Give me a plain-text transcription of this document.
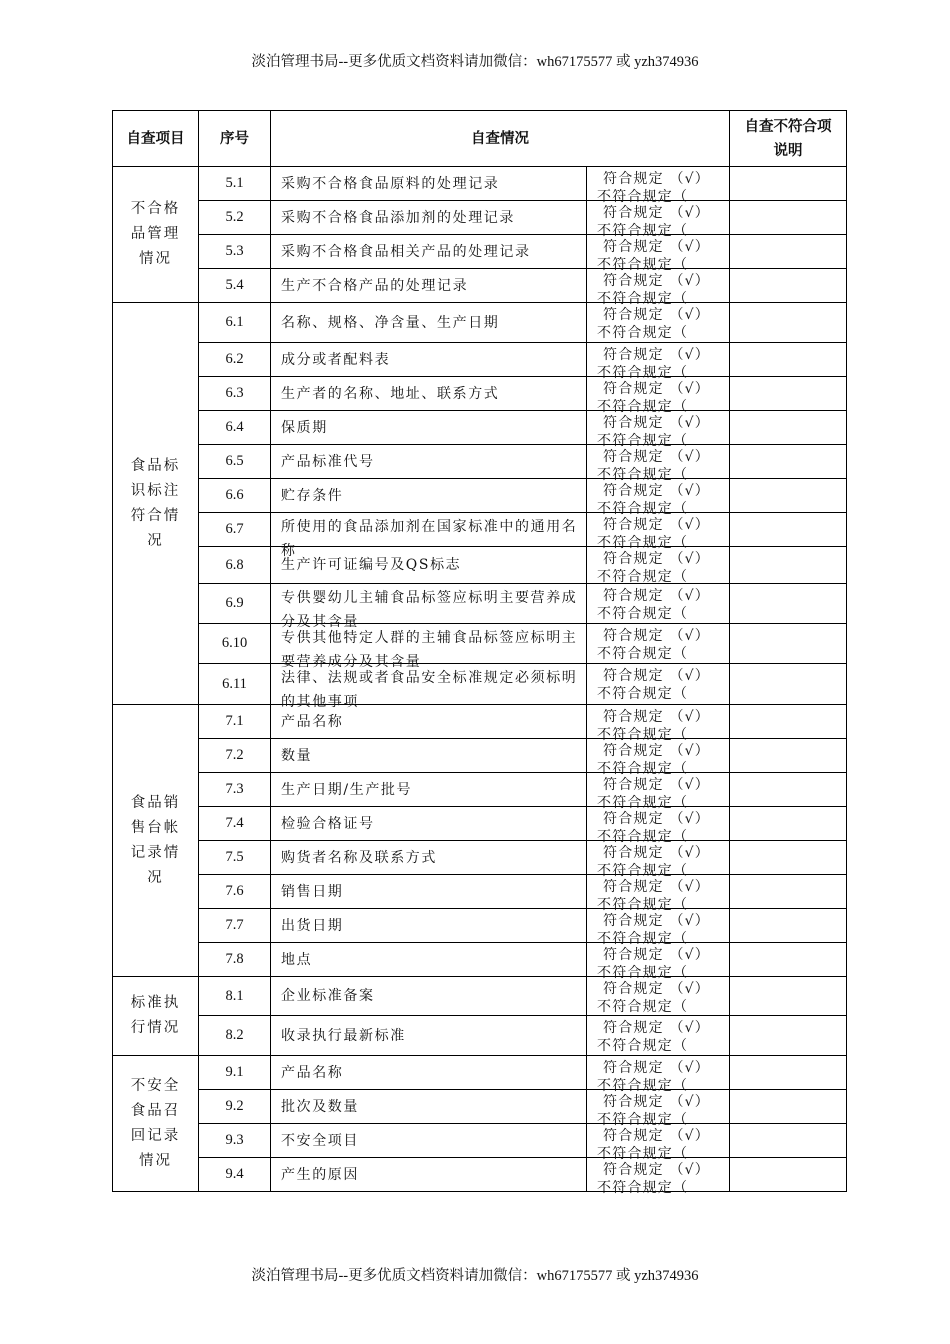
淡泊管理书局--更多优质文档资料请加微信：wh67175577 或 yzh374936
自查项目	序号	自查情况		自查不符合项说明
不合格品管理情况	5.1	采购不合格食品原料的处理记录	符合规定 （√）
不符合规定（	

	5.2	采购不合格食品添加剂的处理记录	符合规定 （√）
不符合规定（	

	5.3	采购不合格食品相关产品的处理记录	符合规定 （√）
不符合规定（	

	5.4	生产不合格产品的处理记录	符合规定 （√）
不符合规定（	

食品标识标注符合情况	6.1	名称、规格、净含量、生产日期	符合规定 （√）
不符合规定（	

	6.2	成分或者配料表	符合规定 （√）
不符合规定（	

	6.3	生产者的名称、地址、联系方式	符合规定 （√）
不符合规定（	

	6.4	保质期	符合规定 （√）
不符合规定（	

	6.5	产品标准代号	符合规定 （√）
不符合规定（	

	6.6	贮存条件	符合规定 （√）
不符合规定（	

	6.7	所使用的食品添加剂在国家标准中的通用名称	符合规定 （√）
不符合规定（	

	6.8	生产许可证编号及QS标志	符合规定 （√）
不符合规定（	

	6.9	专供婴幼儿主辅食品标签应标明主要营养成分及其含量	符合规定 （√）
不符合规定（	

	6.10	专供其他特定人群的主辅食品标签应标明主要营养成分及其含量	符合规定 （√）
不符合规定（	

	6.11	法律、法规或者食品安全标准规定必须标明的其他事项	符合规定 （√）
不符合规定（	

食品销售台帐记录情况	7.1	产品名称	符合规定 （√）
不符合规定（	

	7.2	数量	符合规定 （√）
不符合规定（	

	7.3	生产日期/生产批号	符合规定 （√）
不符合规定（	

	7.4	检验合格证号	符合规定 （√）
不符合规定（	

	7.5	购货者名称及联系方式	符合规定 （√）
不符合规定（	

	7.6	销售日期	符合规定 （√）
不符合规定（	

	7.7	出货日期	符合规定 （√）
不符合规定（	

	7.8	地点	符合规定 （√）
不符合规定（	

标准执行情况	8.1	企业标准备案	符合规定 （√）
不符合规定（	

	8.2	收录执行最新标准	符合规定 （√）
不符合规定（	

不安全食品召回记录情况	9.1	产品名称	符合规定 （√）
不符合规定（	

	9.2	批次及数量	符合规定 （√）
不符合规定（	

	9.3	不安全项目	符合规定 （√）
不符合规定（	

	9.4	产生的原因	符合规定 （√）
不符合规定（	

淡泊管理书局--更多优质文档资料请加微信：wh67175577 或 yzh374936
